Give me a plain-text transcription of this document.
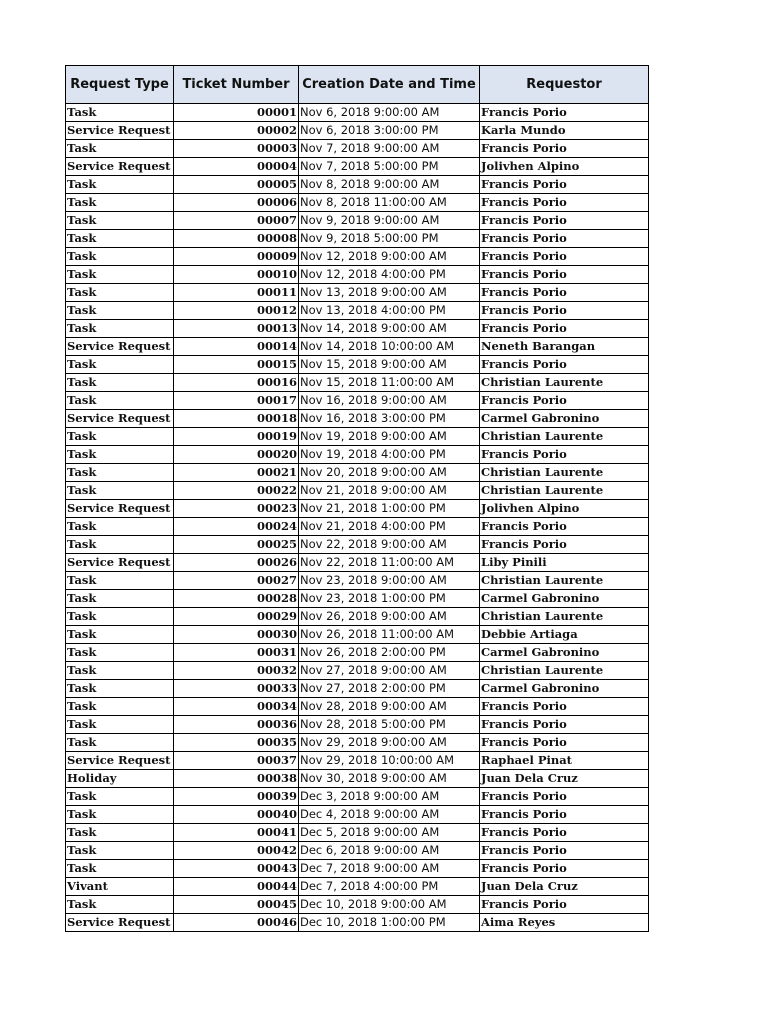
Request Type	Ticket Number	Creation Date and Time	Requestor
Task	00001	Nov 6, 2018 9:00:00 AM	Francis Porio
Service Request	00002	Nov 6, 2018 3:00:00 PM	Karla Mundo
Task	00003	Nov 7, 2018 9:00:00 AM	Francis Porio
Service Request	00004	Nov 7, 2018 5:00:00 PM	Jolivhen Alpino
Task	00005	Nov 8, 2018 9:00:00 AM	Francis Porio
Task	00006	Nov 8, 2018 11:00:00 AM	Francis Porio
Task	00007	Nov 9, 2018 9:00:00 AM	Francis Porio
Task	00008	Nov 9, 2018 5:00:00 PM	Francis Porio
Task	00009	Nov 12, 2018 9:00:00 AM	Francis Porio
Task	00010	Nov 12, 2018 4:00:00 PM	Francis Porio
Task	00011	Nov 13, 2018 9:00:00 AM	Francis Porio
Task	00012	Nov 13, 2018 4:00:00 PM	Francis Porio
Task	00013	Nov 14, 2018 9:00:00 AM	Francis Porio
Service Request	00014	Nov 14, 2018 10:00:00 AM	Neneth Barangan
Task	00015	Nov 15, 2018 9:00:00 AM	Francis Porio
Task	00016	Nov 15, 2018 11:00:00 AM	Christian Laurente
Task	00017	Nov 16, 2018 9:00:00 AM	Francis Porio
Service Request	00018	Nov 16, 2018 3:00:00 PM	Carmel Gabronino
Task	00019	Nov 19, 2018 9:00:00 AM	Christian Laurente
Task	00020	Nov 19, 2018 4:00:00 PM	Francis Porio
Task	00021	Nov 20, 2018 9:00:00 AM	Christian Laurente
Task	00022	Nov 21, 2018 9:00:00 AM	Christian Laurente
Service Request	00023	Nov 21, 2018 1:00:00 PM	Jolivhen Alpino
Task	00024	Nov 21, 2018 4:00:00 PM	Francis Porio
Task	00025	Nov 22, 2018 9:00:00 AM	Francis Porio
Service Request	00026	Nov 22, 2018 11:00:00 AM	Liby Pinili
Task	00027	Nov 23, 2018 9:00:00 AM	Christian Laurente
Task	00028	Nov 23, 2018 1:00:00 PM	Carmel Gabronino
Task	00029	Nov 26, 2018 9:00:00 AM	Christian Laurente
Task	00030	Nov 26, 2018 11:00:00 AM	Debbie Artiaga
Task	00031	Nov 26, 2018 2:00:00 PM	Carmel Gabronino
Task	00032	Nov 27, 2018 9:00:00 AM	Christian Laurente
Task	00033	Nov 27, 2018 2:00:00 PM	Carmel Gabronino
Task	00034	Nov 28, 2018 9:00:00 AM	Francis Porio
Task	00036	Nov 28, 2018 5:00:00 PM	Francis Porio
Task	00035	Nov 29, 2018 9:00:00 AM	Francis Porio
Service Request	00037	Nov 29, 2018 10:00:00 AM	Raphael Pinat
Holiday	00038	Nov 30, 2018 9:00:00 AM	Juan Dela Cruz
Task	00039	Dec 3, 2018 9:00:00 AM	Francis Porio
Task	00040	Dec 4, 2018 9:00:00 AM	Francis Porio
Task	00041	Dec 5, 2018 9:00:00 AM	Francis Porio
Task	00042	Dec 6, 2018 9:00:00 AM	Francis Porio
Task	00043	Dec 7, 2018 9:00:00 AM	Francis Porio
Vivant	00044	Dec 7, 2018 4:00:00 PM	Juan Dela Cruz
Task	00045	Dec 10, 2018 9:00:00 AM	Francis Porio
Service Request	00046	Dec 10, 2018 1:00:00 PM	Aima Reyes
